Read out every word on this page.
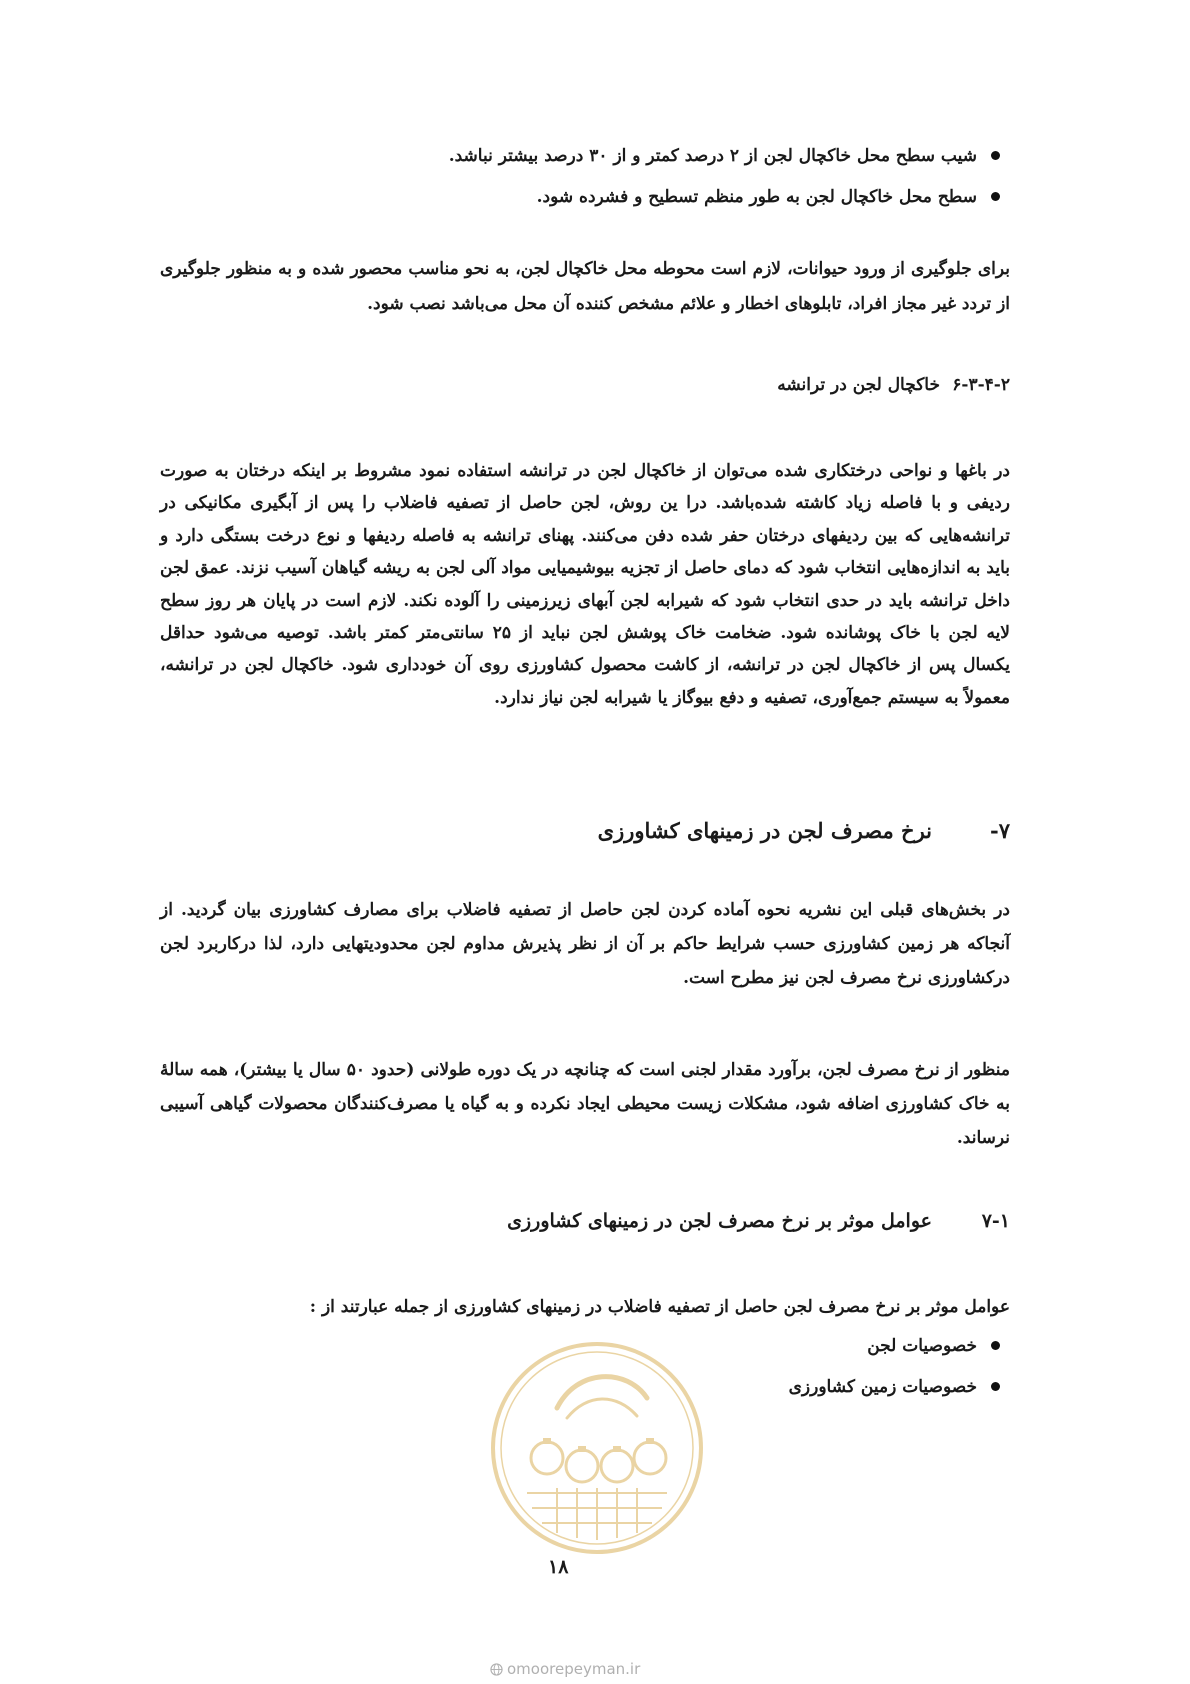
شیب سطح محل خاکچال لجن از ۲ درصد کمتر و از ۳۰ درصد بیشتر نباشد.
سطح محل خاکچال لجن به طور منظم تسطیح و فشرده شود.

برای جلوگیری از ورود حیوانات، لازم است محوطه محل خاکچال لجن، به نحو مناسب محصور شده و به منظور جلوگیری از تردد غیر مجاز افراد، تابلوهای اخطار و علائم مشخص کننده آن محل می‌باشد نصب شود.

۶-۳-۴-۲
خاکچال لجن در ترانشه

در باغها و نواحی درختکاری شده می‌توان از خاکچال لجن در ترانشه استفاده نمود مشروط بر اینکه درختان به صورت ردیفی و با فاصله زیاد کاشته شده‌باشد. درا ین روش، لجن حاصل از تصفیه فاضلاب را پس از آبگیری مکانیکی در ترانشه‌هایی که بین ردیفهای درختان حفر شده دفن می‌کنند. پهنای ترانشه به فاصله ردیفها و نوع درخت بستگی دارد و باید به اندازه‌هایی انتخاب شود که دمای حاصل از تجزیه بیوشیمیایی مواد آلی لجن به ریشه گیاهان آسیب نزند. عمق لجن داخل ترانشه باید در حدی انتخاب شود که شیرابه لجن آبهای زیرزمینی را آلوده نکند. لازم است در پایان هر روز سطح لایه لجن با خاک پوشانده شود. ضخامت خاک پوشش لجن نباید از ۲۵ سانتی‌متر کمتر باشد. توصیه می‌شود حداقل یکسال پس از خاکچال لجن در ترانشه، از کاشت محصول کشاورزی روی آن خودداری شود. خاکچال لجن در ترانشه، معمولاً به سیستم جمع‌آوری، تصفیه و دفع بیوگاز یا شیرابه لجن نیاز ندارد.

۷-
نرخ مصرف لجن در زمینهای کشاورزی

در بخش‌های قبلی این نشریه نحوه آماده کردن لجن حاصل از تصفیه فاضلاب برای مصارف کشاورزی بیان گردید. از آنجاکه هر زمین کشاورزی حسب شرایط حاکم بر آن از نظر پذیرش مداوم لجن محدودیتهایی دارد، لذا درکاربرد لجن درکشاورزی نرخ مصرف لجن نیز مطرح است.

منظور از نرخ مصرف لجن، برآورد مقدار لجنی است که چنانچه در یک دوره طولانی (حدود ۵۰ سال یا بیشتر)، همه سالهٔ به خاک کشاورزی اضافه شود، مشکلات زیست محیطی ایجاد نکرده و به گیاه یا مصرف‌کنندگان محصولات گیاهی آسیبی نرساند.

۷-۱
عوامل موثر بر نرخ مصرف لجن در زمینهای کشاورزی

عوامل موثر بر نرخ مصرف لجن حاصل از تصفیه فاضلاب در زمینهای کشاورزی از جمله عبارتند از :

خصوصیات لجن
خصوصیات زمین کشاورزی
۱۸
omoorepeyman.ir
